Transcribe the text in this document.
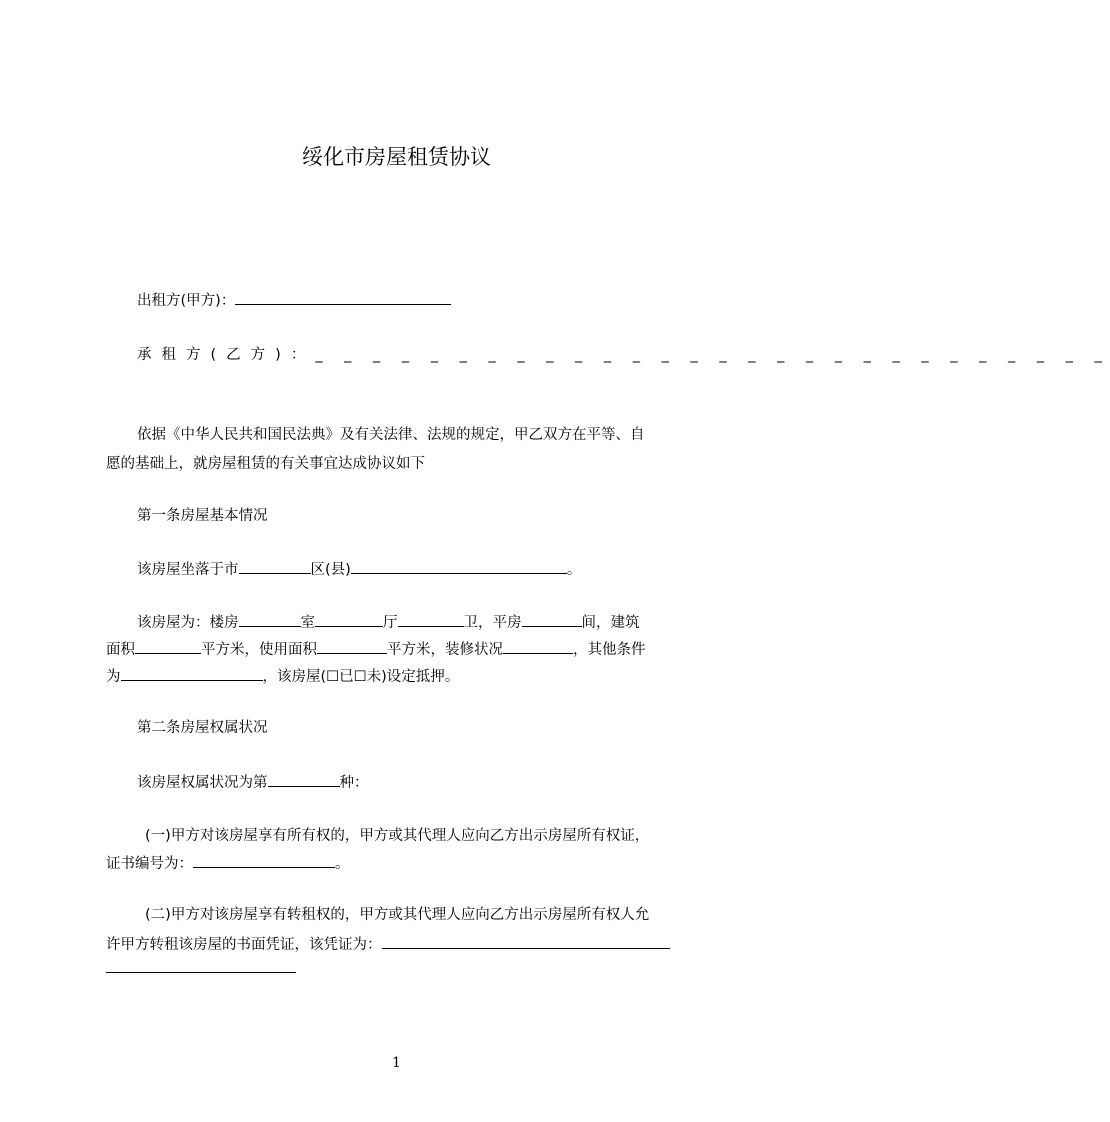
绥化市房屋租赁协议
出租方(甲方)：
承租方(乙方)：_ _ _ _ _ _ _ _ _ _ _ _ _ _ _ _ _ _ _ _ _ _ _ _ _ _ _ _
依据《中华人民共和国民法典》及有关法律、法规的规定，甲乙双方在平等、自
愿的基础上，就房屋租赁的有关事宜达成协议如下
第一条房屋基本情况
该房屋坐落于市	区(县)	。
该房屋为：楼房	室	厅	卫，平房	间，建筑
面积	平方米，使用面积	平方米，装修状况	，其他条件
为	，该房屋(☐已☐未)设定抵押。
第二条房屋权属状况
该房屋权属状况为第	种：
(一)甲方对该房屋享有所有权的，甲方或其代理人应向乙方出示房屋所有权证，
证书编号为：	。
(二)甲方对该房屋享有转租权的，甲方或其代理人应向乙方出示房屋所有权人允
许甲方转租该房屋的书面凭证，该凭证为：
1
